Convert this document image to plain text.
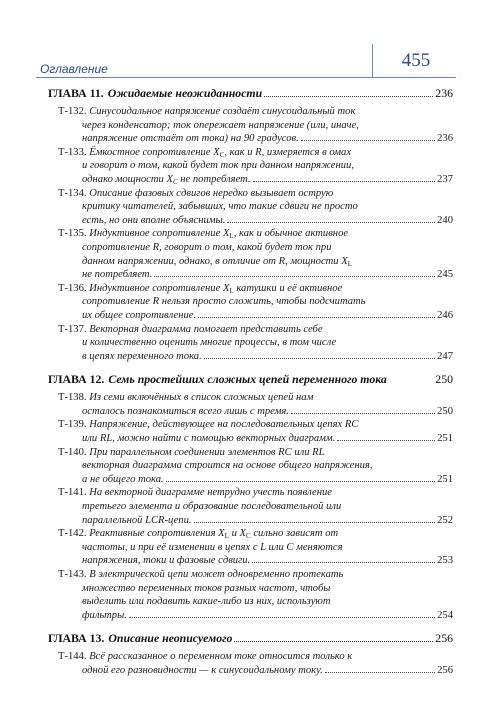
Оглавление	455
ГЛАВА 11. Ожидаемые неожиданности	236
Т-132. Синусоидальное напряжение создаёт синусоидальный ток
через конденсатор; ток опережает напряжение (или, иначе,
напряжение отстаёт от тока) на 90 градусов.	236
Т-133. Ёмкостное сопротивление $X_C$, как и R, измеряется в омах
и говорит о том, какой будет ток при данном напряжении,
однако мощности $X_C$ не потребляет.	237
Т-134. Описание фазовых сдвигов нередко вызывает острую
критику читателей, забывших, что такие сдвиги не просто
есть, но они вполне объяснимы.	240
Т-135. Индуктивное сопротивление $X_L$, как и обычное активное
сопротивление R, говорит о том, какой будет ток при
данном напряжении, однако, в отличие от R, мощности $X_L$
не потребляет.	245
Т-136. Индуктивное сопротивление $X_L$ катушки и её активное
сопротивление R нельзя просто сложить, чтобы подсчитать
их общее сопротивление.	246
Т-137. Векторная диаграмма помогает представить себе
и количественно оценить многие процессы, в том числе
в цепях переменного тока.	247
ГЛАВА 12. Семь простейших сложных цепей переменного тока	250
Т-138. Из семи включённых в список сложных цепей нам
осталось познакомиться всего лишь с тремя.	250
Т-139. Напряжение, действующее на последовательных цепях RC
или RL, можно найти с помощью векторных диаграмм.	251
Т-140. При параллельном соединении элементов RC или RL
векторная диаграмма строится на основе общего напряжения,
а не общего тока.	251
Т-141. На векторной диаграмме нетрудно учесть появление
третьего элемента и образование последовательной или
параллельной LCR-цепи.	252
Т-142. Реактивные сопротивления $X_L$ и $X_C$ сильно зависят от
частоты, и при её изменении в цепях с L или C меняются
напряжения, токи и фазовые сдвиги.	253
Т-143. В электрической цепи может одновременно протекать
множество переменных токов разных частот, чтобы
выделить или подавить какие-либо из них, используют
фильтры.	254
ГЛАВА 13. Описание неописуемого	256
Т-144. Всё рассказанное о переменном токе относится только к
одной его разновидности — к синусоидальному току.	256
